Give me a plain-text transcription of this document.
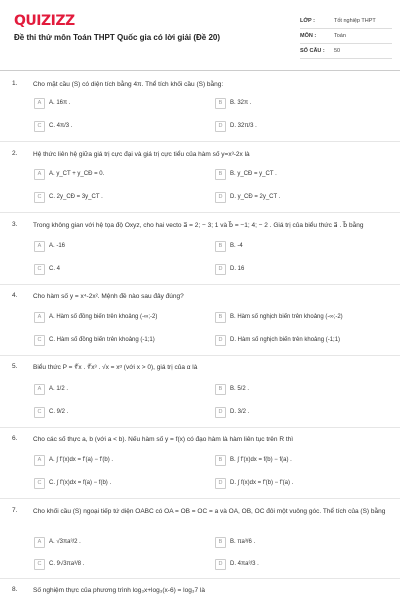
QUIZIZZ
Đề thi thử môn Toán THPT Quốc gia có lời giải (Đề 20)
LỚP :	Tốt nghiệp THPT
MÔN :	Toán
SỐ CÂU :	50
1. Cho mặt cầu (S) có diện tích bằng 4π. Thể tích khối cầu (S) bằng:
A	A. 16π .	B	B. 32π .
C	C. 4π/3 .	D	D. 32π/3 .
2. Hệ thức liên hệ giữa giá trị cực đại và giá trị cực tiểu của hàm số y=x³-2x là
A	A. y_CT + y_CĐ = 0.	B	B. y_CĐ = y_CT .
C	C. 2y_CĐ = 3y_CT .	D	D. y_CĐ = 2y_CT .
3. Trong không gian với hệ tọa độ Oxyz, cho hai vecto a⃗ = 2; − 3; 1 và b⃗ = −1; 4; − 2 . Giá trị của biểu thức a⃗ . b⃗ bằng
A	A. -16	B	B. -4
C	C. 4	D	D. 16
4. Cho hàm số y = x⁴-2x². Mệnh đề nào sau đây đúng?
A	A. Hàm số đồng biến trên khoảng (-∞;-2)	B	B. Hàm số nghịch biến trên khoảng (-∞;-2)
C	C. Hàm số đồng biến trên khoảng (-1;1)	D	D. Hàm số nghịch biến trên khoảng (-1;1)
5. Biểu thức P = ∜x . ∜x³ . √x = xᵅ (với x > 0), giá trị của α là
A	A. 1/2 .	B	B. 5/2 .
C	C. 9/2 .	D	D. 3/2 .
6. Cho các số thực a, b (với a < b). Nếu hàm số y = f(x) có đạo hàm là hàm liên tục trên R thì
A	A. ∫ f'(x)dx = f'(a) − f'(b) .	B	B. ∫ f'(x)dx = f(b) − f(a) .
C	C. ∫ f'(x)dx = f(a) − f(b) .	D	D. ∫ f(x)dx = f'(b) − f'(a) .
7. Cho khối cầu (S) ngoại tiếp tứ diện OABC có OA = OB = OC = a và OA, OB, OC đôi một vuông góc. Thể tích của (S) bằng
A	A. √3πa³/2 .	B	B. πa³/6 .
C	C. 9√3πa³/8 .	D	D. 4πa³/3 .
8. Số nghiệm thực của phương trình log₃x+log₃(x-6) = log₃7 là
